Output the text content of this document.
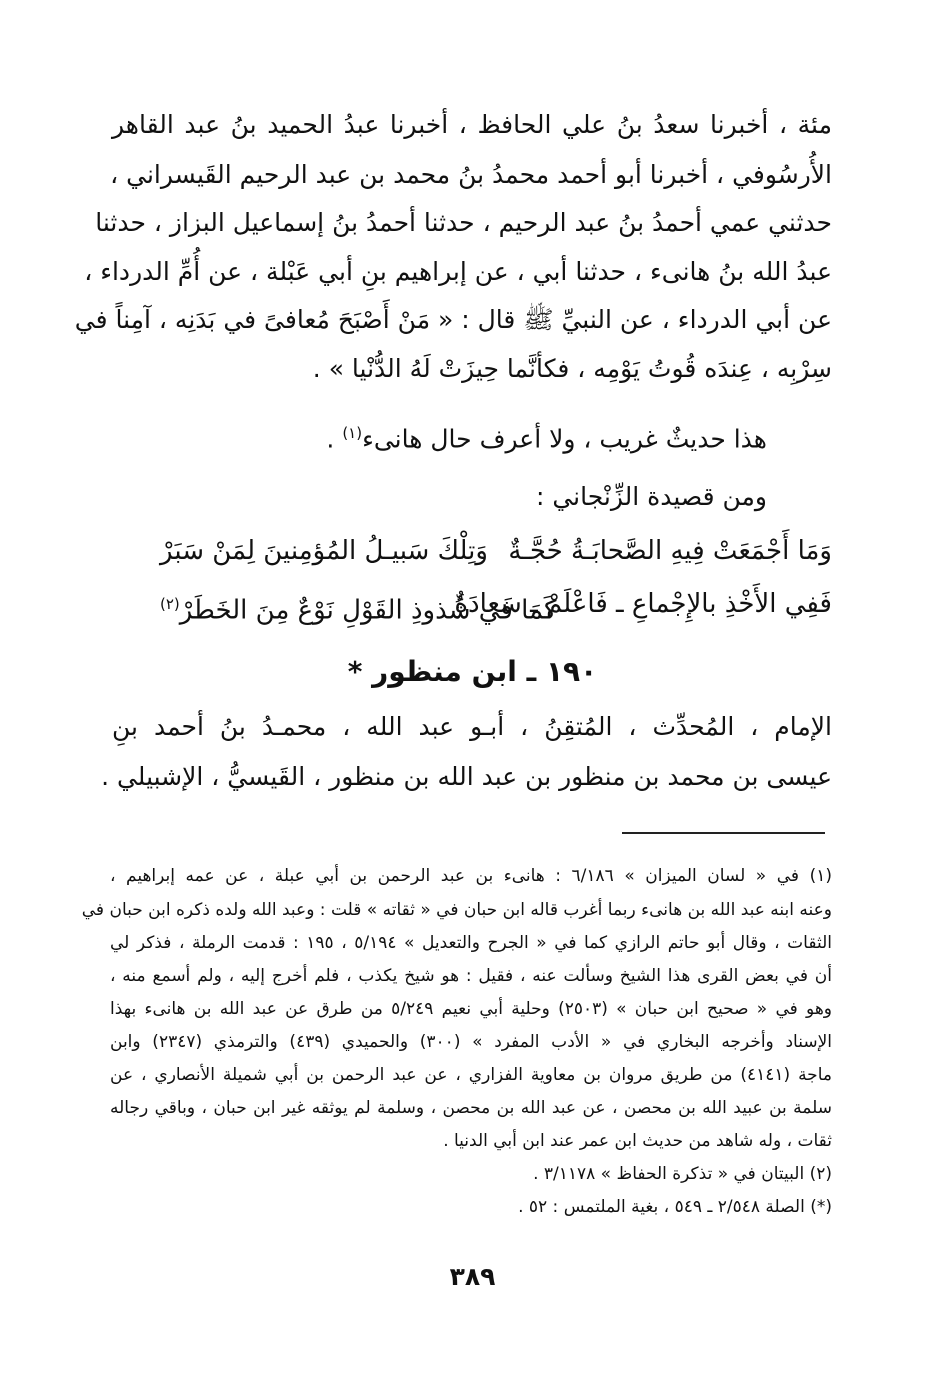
مئة ، أخبرنا سعدُ بنُ علي الحافظ ، أخبرنا عبدُ الحميد بنُ عبد القاهر
الأُرسُوفي ، أخبرنا أبو أحمد محمدُ بنُ محمد بن عبد الرحيم القَيسراني ،
حدثني عمي أحمدُ بنُ عبد الرحيم ، حدثنا أحمدُ بنُ إسماعيل البزاز ، حدثنا
عبدُ الله بنُ هانىء ، حدثنا أبي ، عن إبراهيم بنِ أبي عَبْلة ، عن أُمِّ الدرداء ،
عن أبي الدرداء ، عن النبيِّ ﷺ قال : « مَنْ أَصْبَحَ مُعافىً في بَدَنِه ، آمِناً في
سِرْبِه ، عِندَه قُوتُ يَوْمِه ، فكأنَّما حِيزَتْ لَهُ الدُّنْيا » .
هذا حديثٌ غريب ، ولا أعرف حال هانىء$^{(١)}$ .
ومن قصيدة الزِّنْجاني :
وَمَا أَجْمَعَتْ فِيهِ الصَّحابَـةُ حُجَّـةٌ
وَتِلْكَ سَبيـلُ المُؤمِنينَ لِمَنْ سَبَرْ
فَفِي الأَخْذِ بالإِجْماعِ ـ فَاعْلَمْ ـ سَعادَةٌ
كَمَا في شُذوذِ القَوْلِ نَوْعٌ مِنَ الخَطَرْ$^{(٢)}$
١٩٠ ـ ابن منظور *
الإمام ، المُحدِّث ، المُتقِنُ ، أبـو عبد الله ، محمـدُ بنُ أحمد بنِ
عيسى بن محمد بن منظور بن عبد الله بن منظور ، القَيسيُّ ، الإشبيلي .
(١) في « لسان الميزان » ٦/١٨٦ : هانىء بن عبد الرحمن بن أبي عبلة ، عن عمه إبراهيم ،
وعنه ابنه عبد الله بن هانىء ربما أغرب قاله ابن حبان في « ثقاته » قلت : وعبد الله ولده ذكره ابن حبان في
الثقات ، وقال أبو حاتم الرازي كما في « الجرح والتعديل » ٥/١٩٤ ، ١٩٥ : قدمت الرملة ، فذكر لي
أن في بعض القرى هذا الشيخ وسألت عنه ، فقيل : هو شيخ يكذب ، فلم أخرج إليه ، ولم أسمع منه ،
وهو في « صحيح ابن حبان » (٢٥٠٣) وحلية أبي نعيم ٥/٢٤٩ من طرق عن عبد الله بن هانىء بهذا
الإسناد وأخرجه البخاري في « الأدب المفرد » (٣٠٠) والحميدي (٤٣٩) والترمذي (٢٣٤٧) وابن
ماجة (٤١٤١) من طريق مروان بن معاوية الفزاري ، عن عبد الرحمن بن أبي شميلة الأنصاري ، عن
سلمة بن عبيد الله بن محصن ، عن عبد الله بن محصن ، وسلمة لم يوثقه غير ابن حبان ، وباقي رجاله
ثقات ، وله شاهد من حديث ابن عمر عند ابن أبي الدنيا .
(٢) البيتان في « تذكرة الحفاظ » ٣/١١٧٨ .
(*) الصلة ٢/٥٤٨ ـ ٥٤٩ ، بغية الملتمس : ٥٢ .
٣٨٩
